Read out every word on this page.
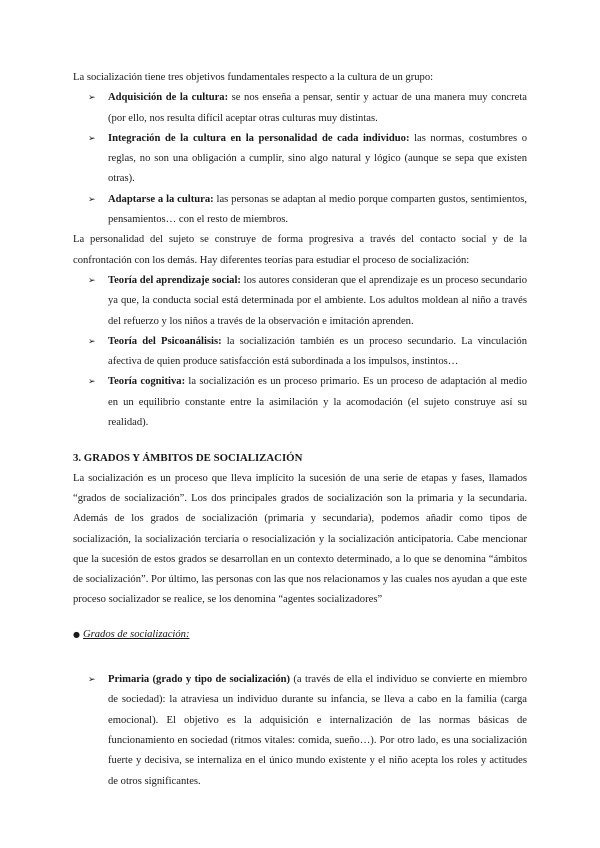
La socialización tiene tres objetivos fundamentales respecto a la cultura de un grupo:

➢ Adquisición de la cultura: se nos enseña a pensar, sentir y actuar de una manera muy concreta (por ello, nos resulta difícil aceptar otras culturas muy distintas.
➢ Integración de la cultura en la personalidad de cada individuo: las normas, costumbres o reglas, no son una obligación a cumplir, sino algo natural y lógico (aunque se sepa que existen otras).
➢ Adaptarse a la cultura: las personas se adaptan al medio porque comparten gustos, sentimientos, pensamientos… con el resto de miembros.

La personalidad del sujeto se construye de forma progresiva a través del contacto social y de la confrontación con los demás. Hay diferentes teorías para estudiar el proceso de socialización:

➢ Teoría del aprendizaje social: los autores consideran que el aprendizaje es un proceso secundario ya que, la conducta social está determinada por el ambiente. Los adultos moldean al niño a través del refuerzo y los niños a través de la observación e imitación aprenden.
➢ Teoría del Psicoanálisis: la socialización también es un proceso secundario. La vinculación afectiva de quien produce satisfacción está subordinada a los impulsos, instintos…
➢ Teoría cognitiva: la socialización es un proceso primario. Es un proceso de adaptación al medio en un equilibrio constante entre la asimilación y la acomodación (el sujeto construye así su realidad).
3. GRADOS Y ÁMBITOS DE SOCIALIZACIÓN

La socialización es un proceso que lleva implícito la sucesión de una serie de etapas y fases, llamados “grados de socialización”. Los dos principales grados de socialización son la primaria y la secundaria. Además de los grados de socialización (primaria y secundaria), podemos añadir como tipos de socialización, la socialización terciaria o resocialización y la socialización anticipatoria. Cabe mencionar que la sucesión de estos grados se desarrollan en un contexto determinado, a lo que se denomina “ámbitos de socialización”. Por último, las personas con las que nos relacionamos y las cuales nos ayudan a que este proceso socializador se realice, se los denomina “agentes socializadores”

● Grados de socialización:

➢ Primaria (grado y tipo de socialización) (a través de ella el individuo se convierte en miembro de sociedad): la atraviesa un individuo durante su infancia, se lleva a cabo en la familia (carga emocional). El objetivo es la adquisición e internalización de las normas básicas de funcionamiento en sociedad (ritmos vitales: comida, sueño…). Por otro lado, es una socialización fuerte y decisiva, se internaliza en el único mundo existente y el niño acepta los roles y actitudes de otros significantes.
